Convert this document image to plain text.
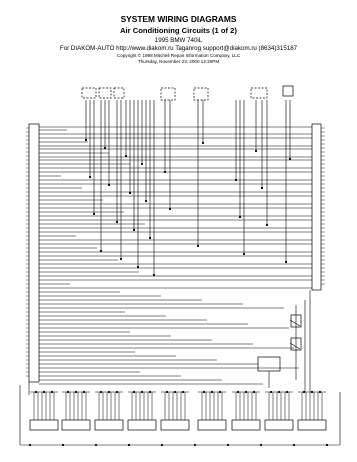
SYSTEM WIRING DIAGRAMS
Air Conditioning Circuits (1 of 2)
1995 BMW 740iL
For DIAKOM-AUTO http://www.diakom.ru Taganrog support@diakom.ru (8634)315187
Copyright © 1998 Mitchell Repair Information Company, LLC
Thursday, November 23, 2000 12:30PM
